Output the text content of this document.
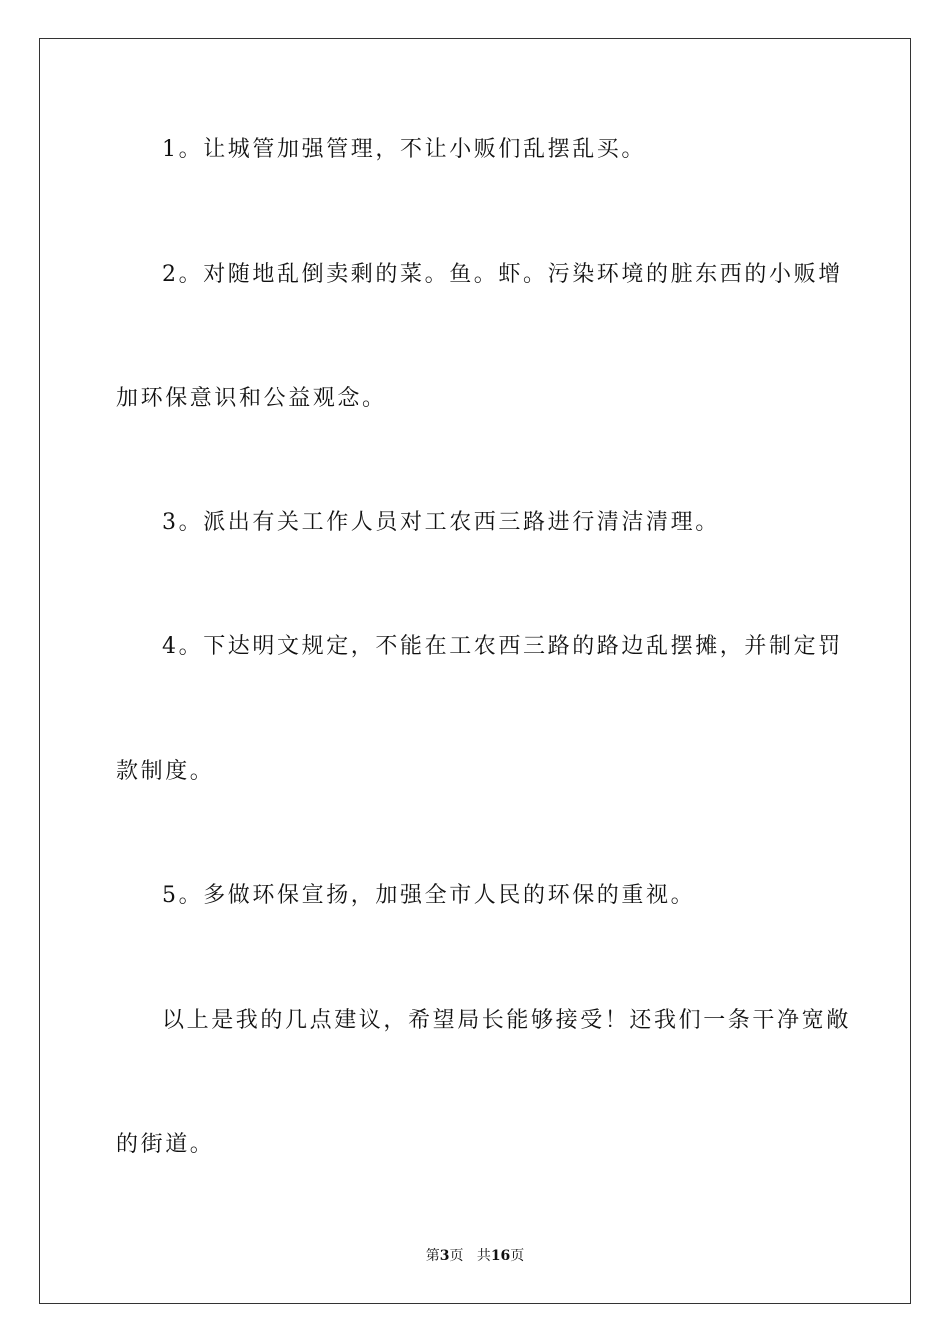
1。让城管加强管理，不让小贩们乱摆乱买。
2。对随地乱倒卖剩的菜。鱼。虾。污染环境的脏东西的小贩增
加环保意识和公益观念。
3。派出有关工作人员对工农西三路进行清洁清理。
4。下达明文规定，不能在工农西三路的路边乱摆摊，并制定罚
款制度。
5。多做环保宣扬，加强全市人民的环保的重视。
以上是我的几点建议，希望局长能够接受！还我们一条干净宽敞
的街道。
第3页 共16页
